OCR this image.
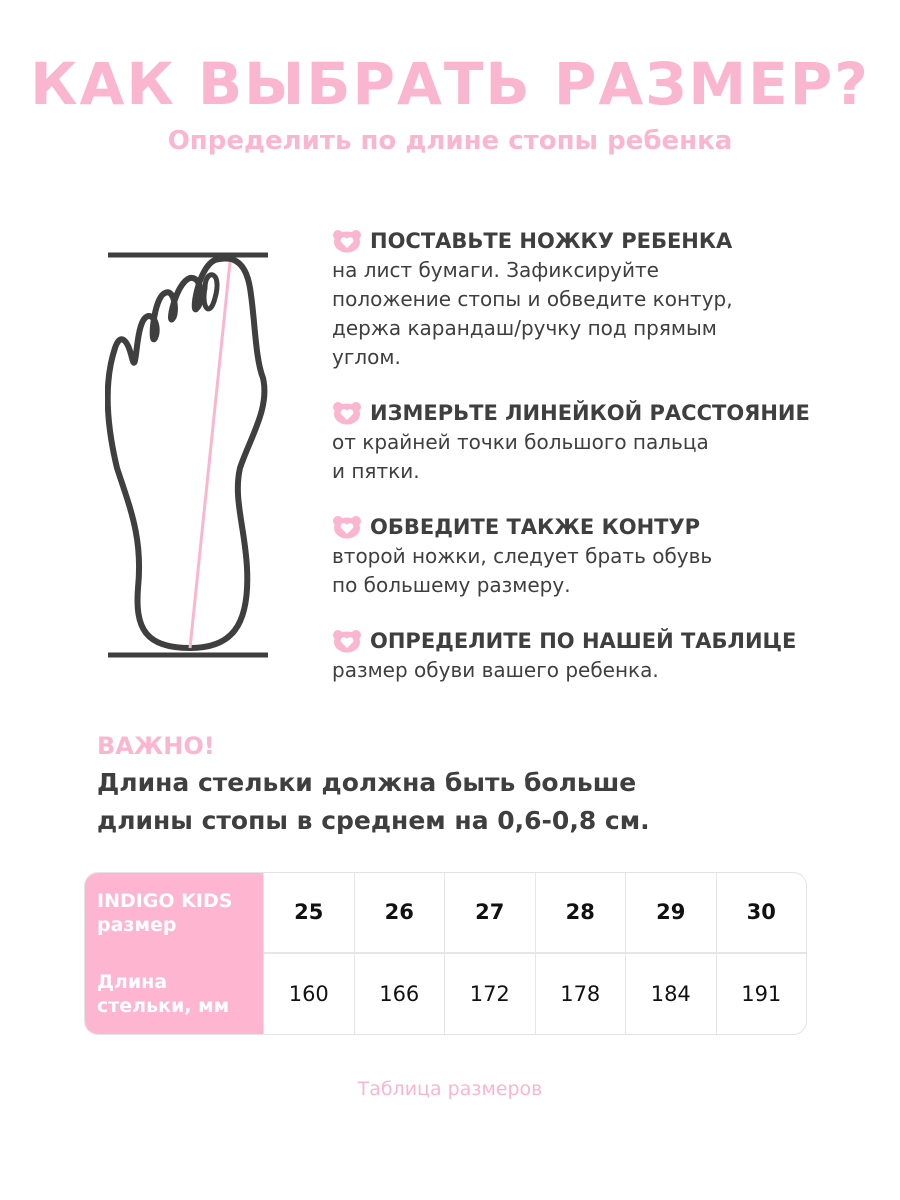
КАК ВЫБРАТЬ РАЗМЕР?
Определить по длине стопы ребенка
ПОСТАВЬТЕ НОЖКУ РЕБЕНКА
на лист бумаги. Зафиксируйте
положение стопы и обведите контур,
держа карандаш/ручку под прямым
углом.
ИЗМЕРЬТЕ ЛИНЕЙКОЙ РАССТОЯНИЕ
от крайней точки большого пальца
и пятки.
ОБВЕДИТЕ ТАКЖЕ КОНТУР
второй ножки, следует брать обувь
по большему размеру.
ОПРЕДЕЛИТЕ ПО НАШЕЙ ТАБЛИЦЕ
размер обуви вашего ребенка.
ВАЖНО!
Длина стельки должна быть больше
длины стопы в среднем на 0,6-0,8 см.
INDIGO KIDS
размер	25	26	27	28	29	30

Длина
стельки, мм	160	166	172	178	184	191
Таблица размеров
